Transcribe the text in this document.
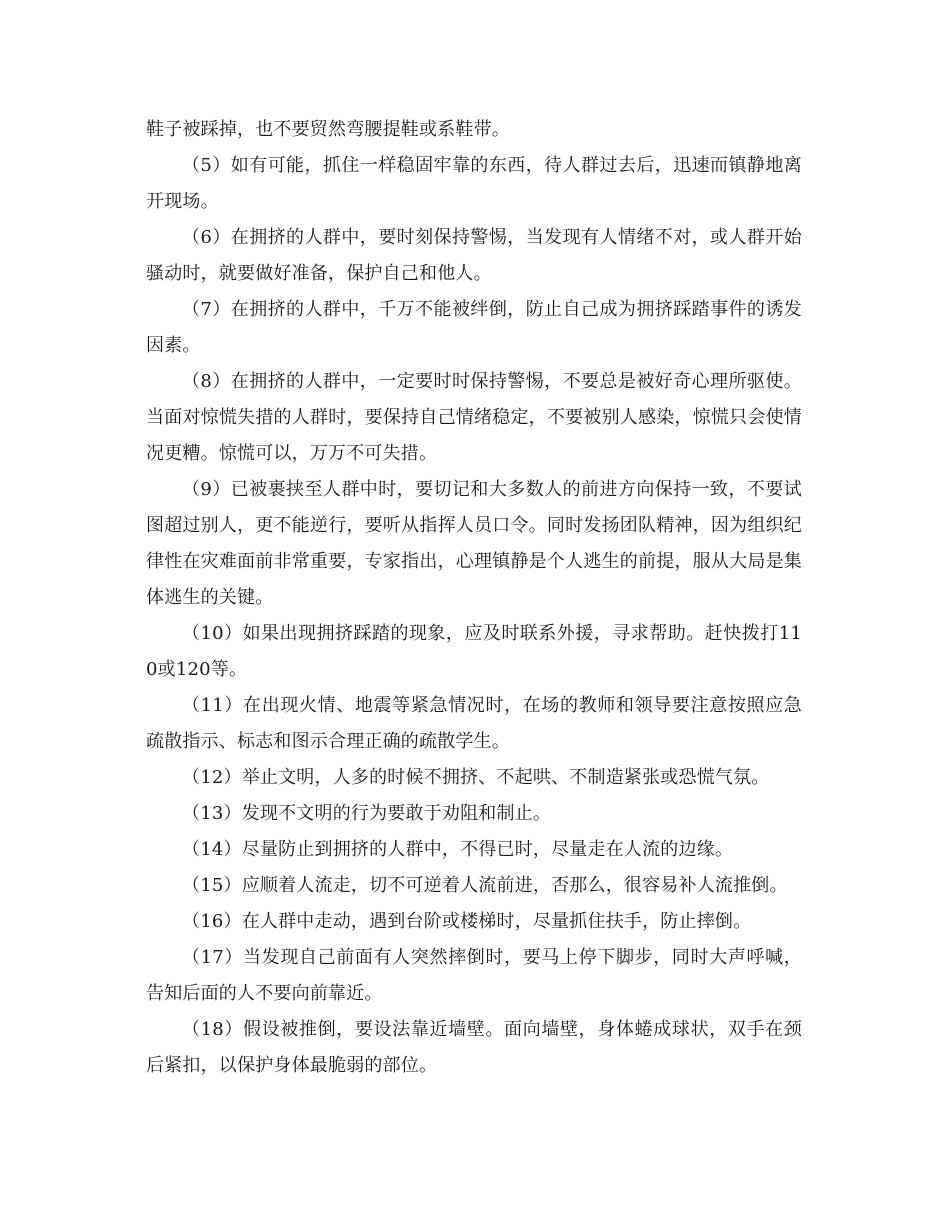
鞋子被踩掉，也不要贸然弯腰提鞋或系鞋带。

（5）如有可能，抓住一样稳固牢靠的东西，待人群过去后，迅速而镇静地离开现场。

（6）在拥挤的人群中，要时刻保持警惕，当发现有人情绪不对，或人群开始骚动时，就要做好准备，保护自己和他人。

（7）在拥挤的人群中，千万不能被绊倒，防止自己成为拥挤踩踏事件的诱发因素。

（8）在拥挤的人群中，一定要时时保持警惕，不要总是被好奇心理所驱使。当面对惊慌失措的人群时，要保持自己情绪稳定，不要被别人感染，惊慌只会使情况更糟。惊慌可以，万万不可失措。

（9）已被裹挟至人群中时，要切记和大多数人的前进方向保持一致，不要试图超过别人，更不能逆行，要听从指挥人员口令。同时发扬团队精神，因为组织纪律性在灾难面前非常重要，专家指出，心理镇静是个人逃生的前提，服从大局是集体逃生的关键。

（10）如果出现拥挤踩踏的现象，应及时联系外援，寻求帮助。赶快拨打110或120等。

（11）在出现火情、地震等紧急情况时，在场的教师和领导要注意按照应急疏散指示、标志和图示合理正确的疏散学生。

（12）举止文明，人多的时候不拥挤、不起哄、不制造紧张或恐慌气氛。

（13）发现不文明的行为要敢于劝阻和制止。

（14）尽量防止到拥挤的人群中，不得已时，尽量走在人流的边缘。

（15）应顺着人流走，切不可逆着人流前进，否那么，很容易补人流推倒。

（16）在人群中走动，遇到台阶或楼梯时，尽量抓住扶手，防止摔倒。

（17）当发现自己前面有人突然摔倒时，要马上停下脚步，同时大声呼喊，告知后面的人不要向前靠近。

（18）假设被推倒，要设法靠近墙壁。面向墙壁，身体蜷成球状，双手在颈后紧扣，以保护身体最脆弱的部位。
